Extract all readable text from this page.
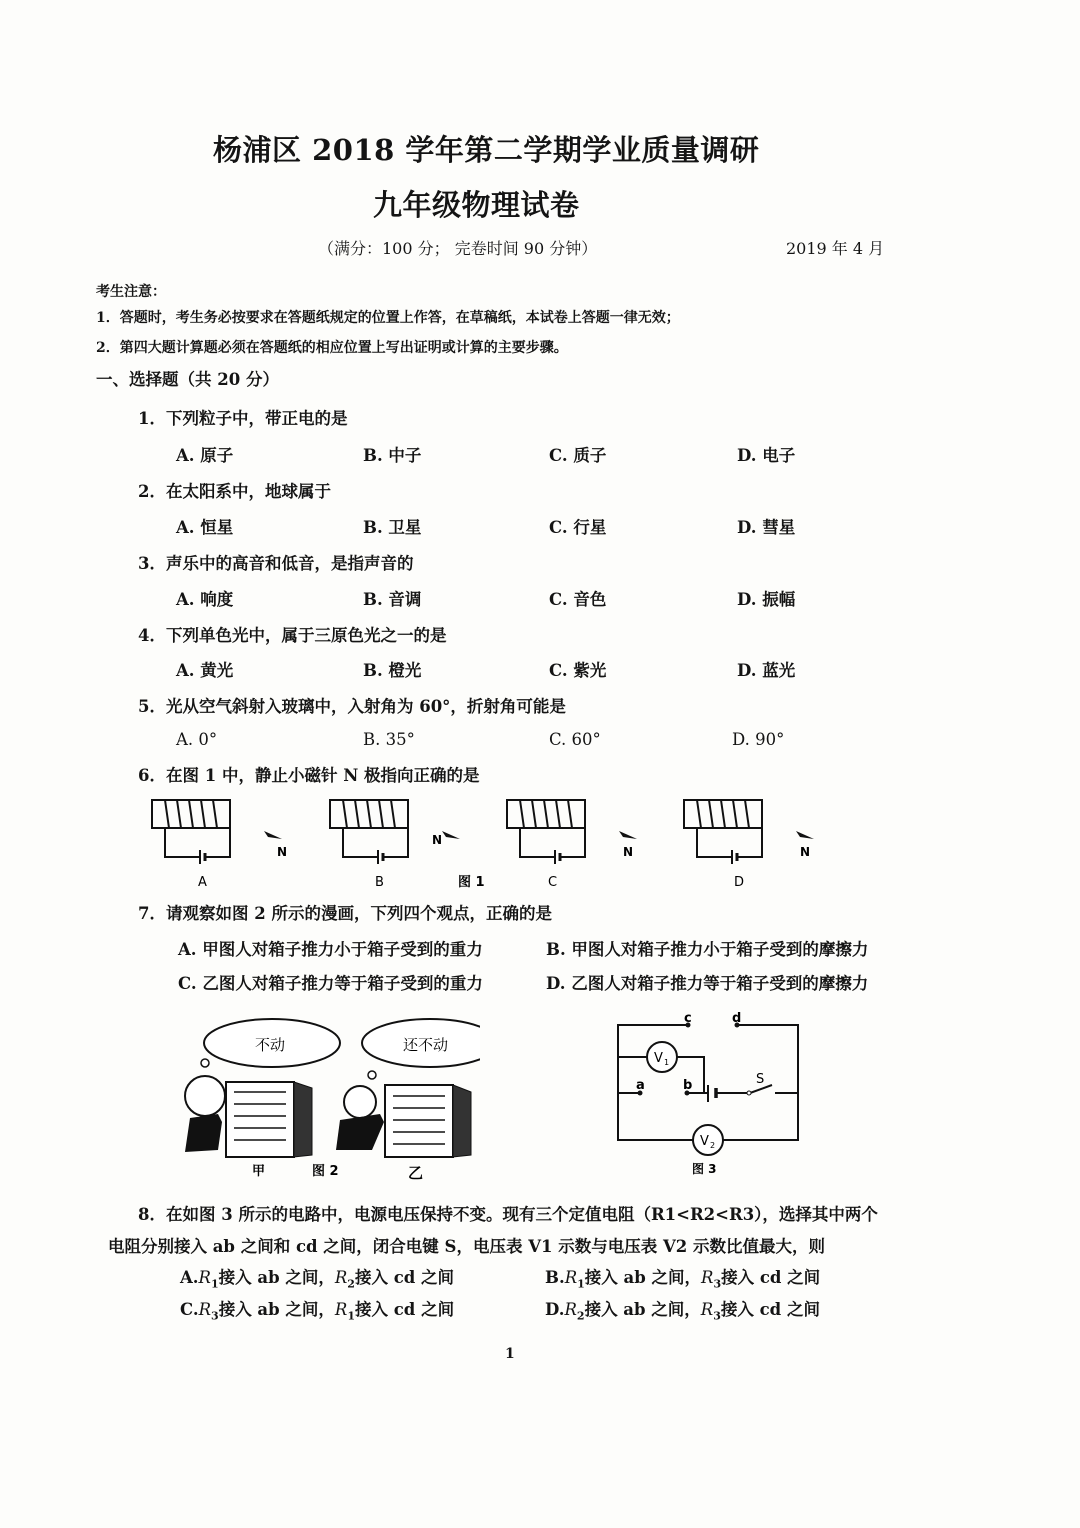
杨浦区 2018 学年第二学期学业质量调研
九年级物理试卷
（满分：100 分； 完卷时间 90 分钟）	2019 年 4 月
考生注意：
1．答题时，考生务必按要求在答题纸规定的位置上作答，在草稿纸，本试卷上答题一律无效；
2．第四大题计算题必须在答题纸的相应位置上写出证明或计算的主要步骤。
一、选择题（共 20 分）
1．下列粒子中，带正电的是
A. 原子	B. 中子	C. 质子	D. 电子
2．在太阳系中，地球属于
A. 恒星	B. 卫星	C. 行星	D. 彗星
3．声乐中的高音和低音，是指声音的
A. 响度	B. 音调	C. 音色	D. 振幅
4．下列单色光中，属于三原色光之一的是
A. 黄光	B. 橙光	C. 紫光	D. 蓝光
5．光从空气斜射入玻璃中，入射角为 60°，折射角可能是
A. 0°	B. 35°	C. 60°	D. 90°
6．在图 1 中，静止小磁针 N 极指向正确的是
N
N
N	N
A	B	图 1	C	D
7．请观察如图 2 所示的漫画，下列四个观点，正确的是
A. 甲图人对箱子推力小于箱子受到的重力	B. 甲图人对箱子推力小于箱子受到的摩擦力
C. 乙图人对箱子推力等于箱子受到的重力	D. 乙图人对箱子推力等于箱子受到的摩擦力
不动	还不动
甲	图 2	乙
V 1
V 2
c	d
a	b	S
图 3
8．在如图 3 所示的电路中，电源电压保持不变。现有三个定值电阻（R1<R2<R3），选择其中两个
电阻分别接入 ab 之间和 cd 之间，闭合电键 S，电压表 V1 示数与电压表 V2 示数比值最大，则
$A.R_1$接入 ab 之间，$R_2$接入 cd 之间	$B.R_1$接入 ab 之间，$R_3$接入 cd 之间
$C.R_3$接入 ab 之间，$R_1$接入 cd 之间	$D.R_2$接入 ab 之间，$R_3$接入 cd 之间
1
